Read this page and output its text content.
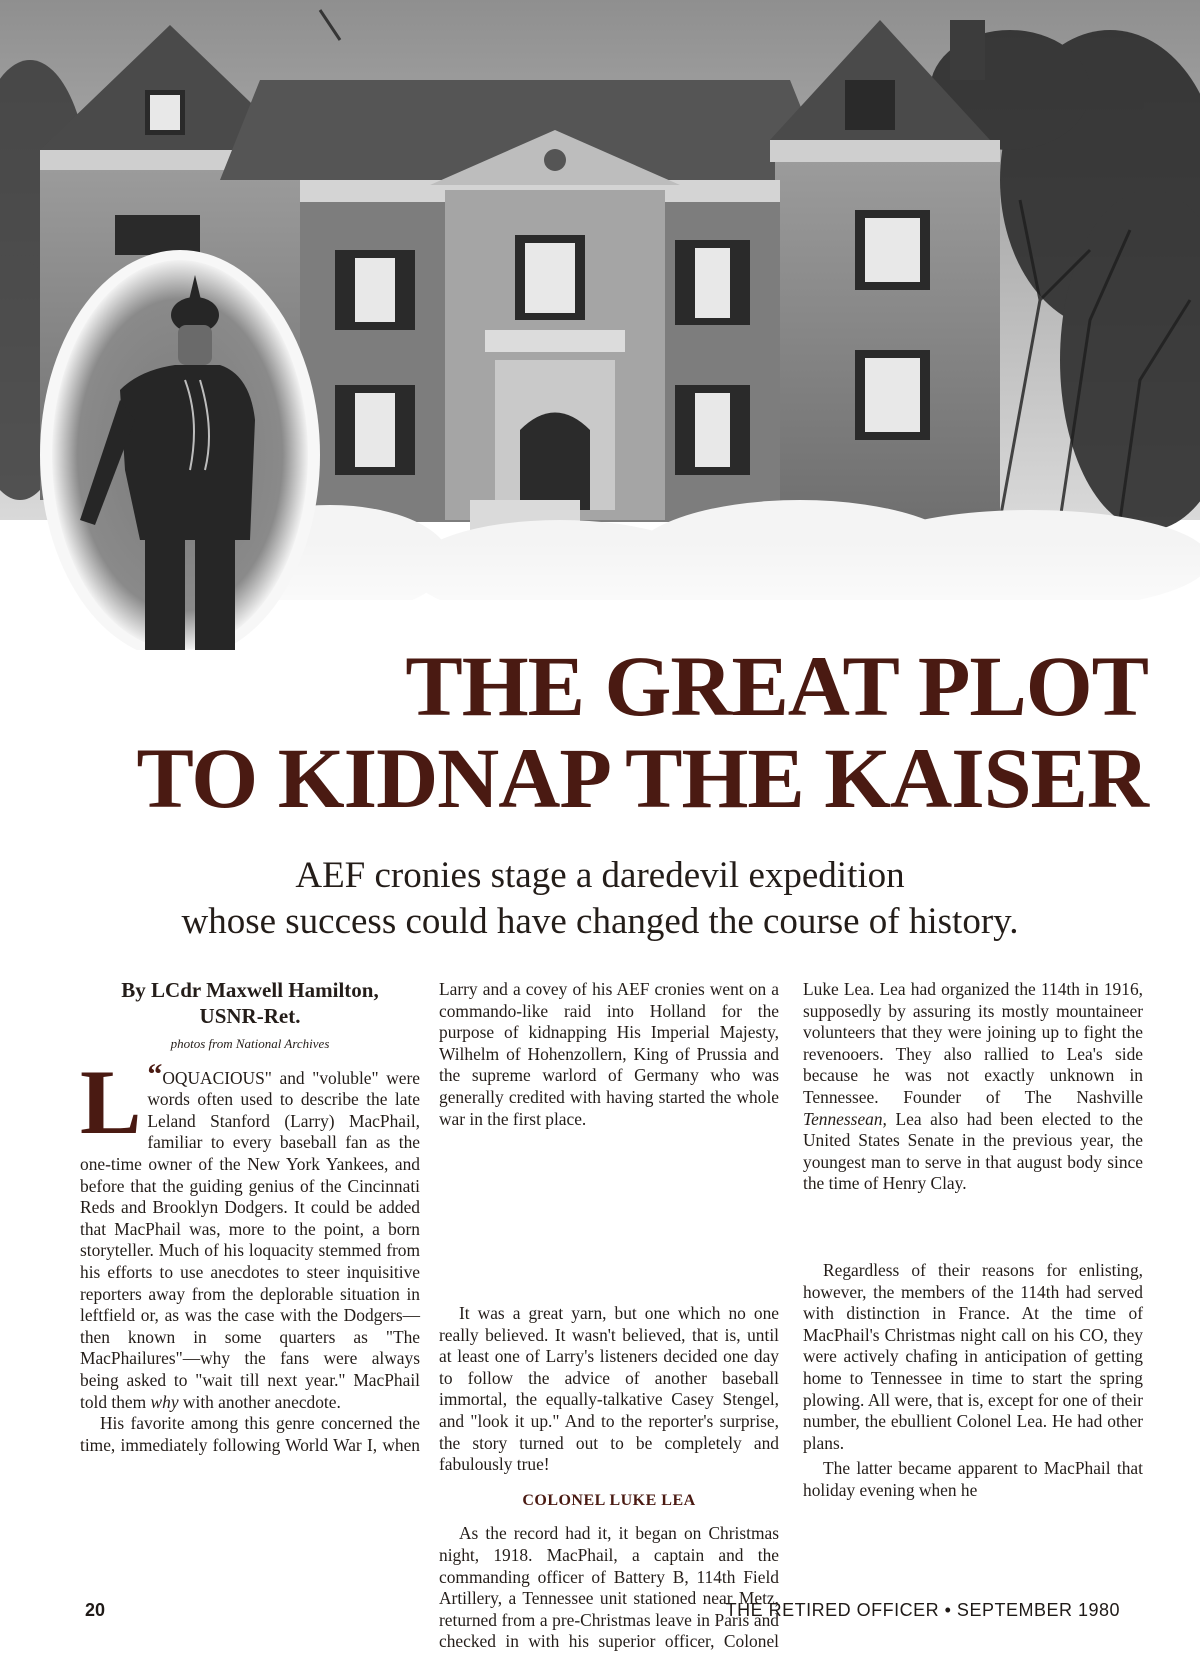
THE GREAT PLOT
TO KIDNAP THE KAISER
AEF cronies stage a daredevil expedition
whose success could have changed the course of history.
By LCdr Maxwell Hamilton,
USNR-Ret.
photos from National Archives

“
L OQUACIOUS" and "voluble" were words often used to describe the late Leland Stanford (Larry) MacPhail, familiar to every baseball fan as the one-time owner of the New York Yankees, and before that the guiding genius of the Cincinnati Reds and Brooklyn Dodgers. It could be added that MacPhail was, more to the point, a born storyteller. Much of his loquacity stemmed from his efforts to use anecdotes to steer inquisitive reporters away from the deplorable situation in leftfield or, as was the case with the Dodgers—then known in some quarters as "The MacPhailures"—why the fans were always being asked to "wait till next year." MacPhail told them why with another anecdote.

His favorite among this genre concerned the time, immediately following World War I, when

Larry and a covey of his AEF cronies went on a commando-like raid into Holland for the purpose of kidnapping His Imperial Majesty, Wilhelm of Hohenzollern, King of Prussia and the supreme warlord of Germany who was generally credited with having started the whole war in the first place.

It was a great yarn, but one which no one really believed. It wasn't believed, that is, until at least one of Larry's listeners decided one day to follow the advice of another baseball immortal, the equally-talkative Casey Stengel, and "look it up." And to the reporter's surprise, the story turned out to be completely and fabulously true!

COLONEL LUKE LEA

As the record had it, it began on Christmas night, 1918. MacPhail, a captain and the commanding officer of Battery B, 114th Field Artillery, a Tennessee unit stationed near Metz, returned from a pre-Christmas leave in Paris and checked in with his superior officer, Colonel

Luke Lea. Lea had organized the 114th in 1916, supposedly by assuring its mostly mountaineer volunteers that they were joining up to fight the revenooers. They also rallied to Lea's side because he was not exactly unknown in Tennessee. Founder of The Nashville Tennessean, Lea also had been elected to the United States Senate in the previous year, the youngest man to serve in that august body since the time of Henry Clay.

Regardless of their reasons for enlisting, however, the members of the 114th had served with distinction in France. At the time of MacPhail's Christmas night call on his CO, they were actively chafing in anticipation of getting home to Tennessee in time to start the spring plowing. All were, that is, except for one of their number, the ebullient Colonel Lea. He had other plans.

The latter became apparent to MacPhail that holiday evening when he

20	THE RETIRED OFFICER • SEPTEMBER 1980
